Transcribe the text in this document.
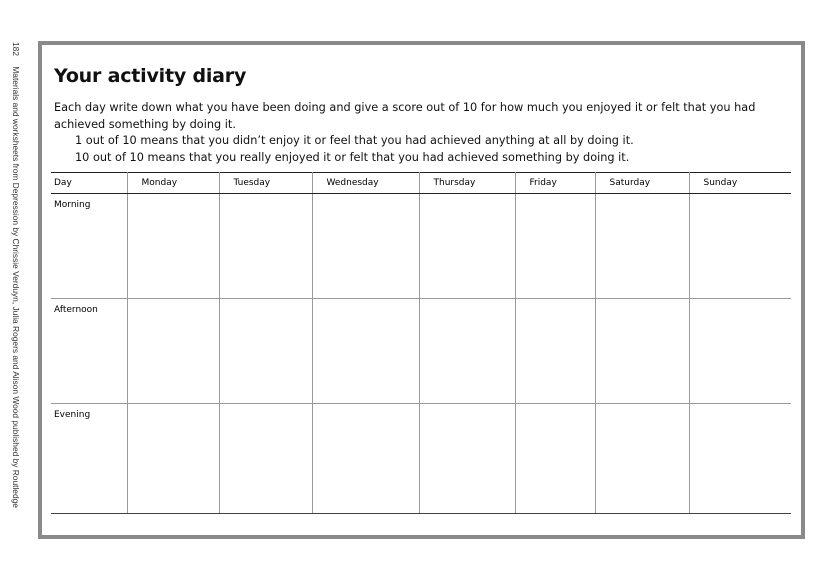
182 Materials and worksheets from Depression by Chrissie Verduyn, Julia Rogers and Alison Wood published by Routledge Your activity diary

Each day write down what you have been doing and give a score out of 10 for how much you enjoyed it or felt that you had achieved something by doing it.

1 out of 10 means that you didn’t enjoy it or feel that you had achieved anything at all by doing it.

10 out of 10 means that you really enjoyed it or felt that you had achieved something by doing it.

Day	Monday	Tuesday	Wednesday	Thursday	Friday	Saturday	Sunday
Morning							
Afternoon							
Evening							
